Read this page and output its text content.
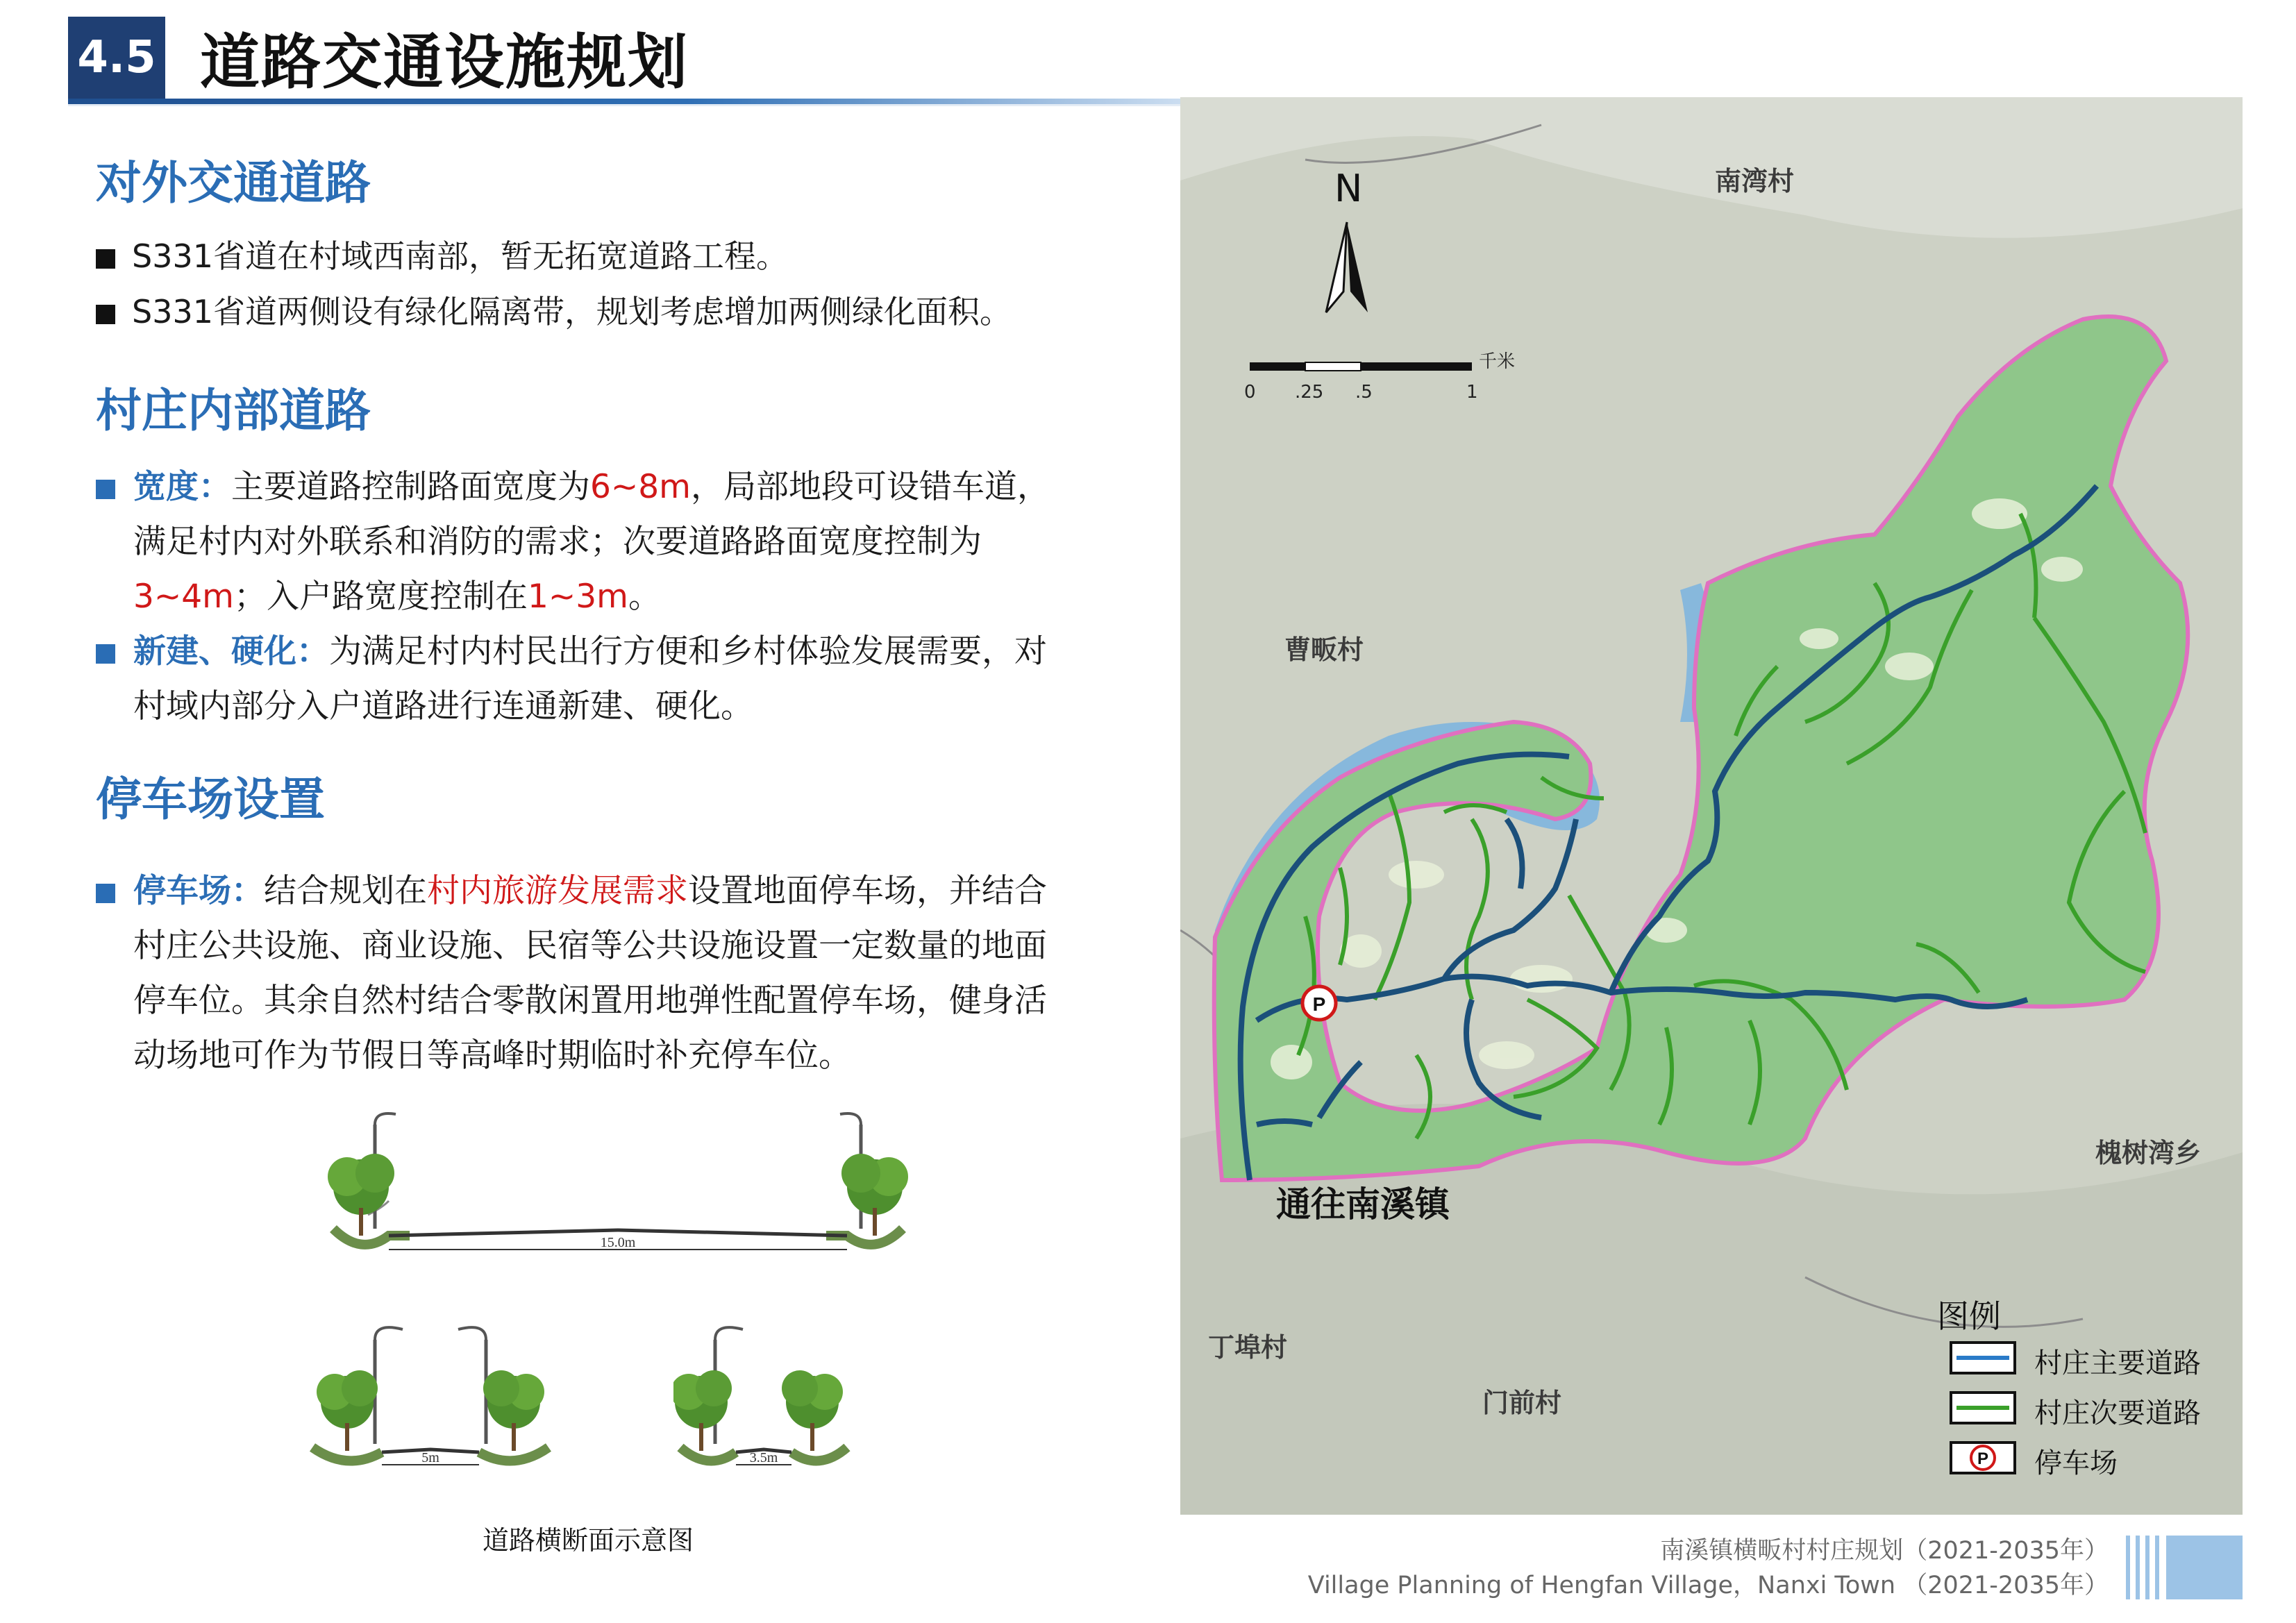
4.5 道路交通设施规划
对外交通道路
S331省道在村域西南部，暂无拓宽道路工程。
S331省道两侧设有绿化隔离带，规划考虑增加两侧绿化面积。
村庄内部道路
宽度：主要道路控制路面宽度为6~8m，局部地段可设错车道，
满足村内对外联系和消防的需求；次要道路路面宽度控制为
3~4m；入户路宽度控制在1~3m。
新建、硬化：为满足村内村民出行方便和乡村体验发展需要，对
村域内部分入户道路进行连通新建、硬化。
停车场设置
停车场：结合规划在村内旅游发展需求设置地面停车场，并结合
村庄公共设施、商业设施、民宿等公共设施设置一定数量的地面
停车位。其余自然村结合零散闲置用地弹性配置停车场，健身活
动场地可作为节假日等高峰时期临时补充停车位。
15.0m
5m	3.5m
道路横断面示意图
P
P
N
千米
0 .25 .5	1
南湾村
曹畈村
通往南溪镇
槐树湾乡
丁埠村
门前村
图例
村庄主要道路
村庄次要道路
停车场
南溪镇横畈村村庄规划（2021-2035年）
Village Planning of Hengfan Village，Nanxi Town （2021-2035年）
